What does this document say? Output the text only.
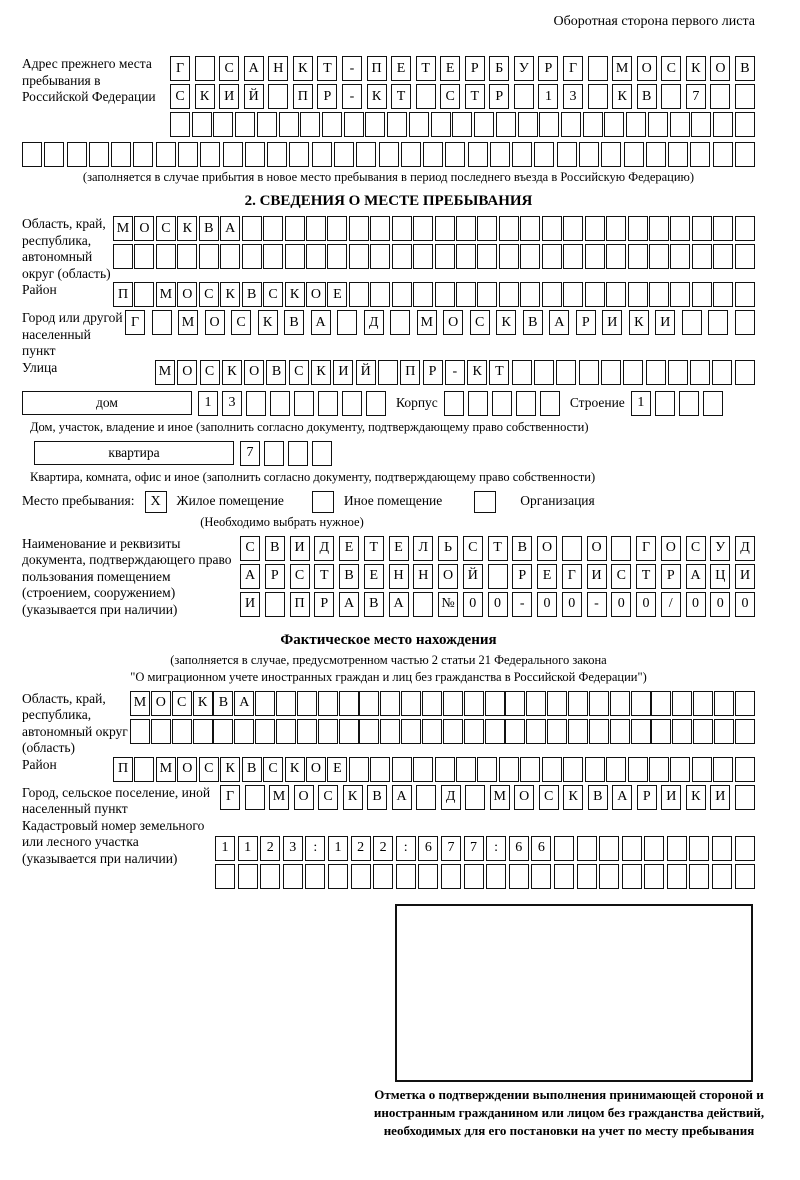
Оборотная сторона первого листа
Адрес прежнего места пребывания в Российской Федерации
Г	С	А	Н	К	Т	-	П	Е	Т	Е	Р	Б	У	Р	Г	М О	С	К	О	В
С	К	И	Й	П	Р	-	К	Т	С	Т	Р	1	3	К	В	7
(заполняется в случае прибытия в новое место пребывания в период последнего въезда в Российскую Федерацию)
2. СВЕДЕНИЯ О МЕСТЕ ПРЕБЫВАНИЯ
Область, край, республика, автономный округ (область)
М О С К В А
Район	П	М О С К В С К О Е
Город или другой населенный пункт
Г	М	О	С	К	В	А	Д	М	О	С	К	В	А	Р	И	К	И
Улица	М О С К О В С К И Й	П Р	-	К Т
дом	1	3	Корпус	Строение 1
Дом, участок, владение и иное (заполнить согласно документу, подтверждающему право собственности)
квартира	7
Квартира, комната, офис и иное (заполнить согласно документу, подтверждающему право собственности)
Место пребывания:	X	Жилое помещение	Иное помещение	Организация
(Необходимо выбрать нужное)
Наименование и реквизиты документа, подтверждающего право пользования помещением (строением, сооружением) (указывается при наличии)
С	В	И	Д	Е	Т	Е	Л	Ь	С	Т	В	О	О	Г	О	С	У	Д
А	Р	С	Т	В	Е	Н	Н	О	Й	Р	Е	Г	И	С	Т	Р	А	Ц	И
И	П	Р	А	В	А	№	0	0	-	0	0	-	0	0	/	0	0	0
Фактическое место нахождения
(заполняется в случае, предусмотренном частью 2 статьи 21 Федерального закона
"О миграционном учете иностранных граждан и лиц без гражданства в Российской Федерации")
Область, край, республика, автономный округ (область)
М О С К В А
Район	П	М О С К В С К О Е
Город, сельское поселение, иной населенный пункт
Г	М О	С	К	В	А	Д	М О	С	К	В	А	Р	И	К	И
Кадастровый номер земельного или лесного участка (указывается при наличии)
1	1	2	3	:	1	2	2	:	6	7	7	:	6	6
Отметка о подтверждении выполнения принимающей стороной и иностранным гражданином или лицом без гражданства действий, необходимых для его постановки на учет по месту пребывания
